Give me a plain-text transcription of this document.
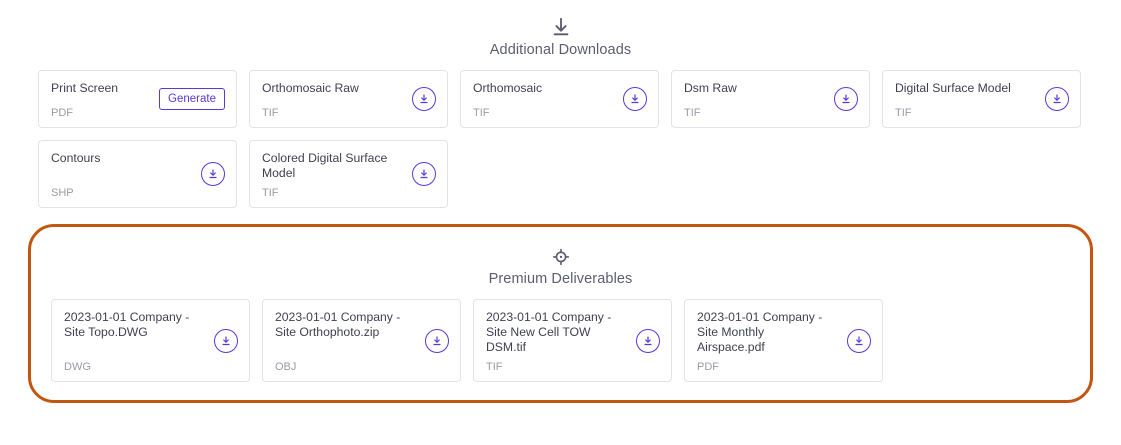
Additional Downloads
Print Screen
PDF
Generate
Orthomosaic Raw
TIF
Orthomosaic
TIF
Dsm Raw
TIF
Digital Surface Model
TIF
Contours
SHP
Colored Digital Surface Model
TIF
Premium Deliverables
2023-01-01 Company - Site Topo.DWG
DWG
2023-01-01 Company - Site Orthophoto.zip
OBJ
2023-01-01 Company - Site New Cell TOW DSM.tif
TIF
2023-01-01 Company - Site Monthly Airspace.pdf
PDF
